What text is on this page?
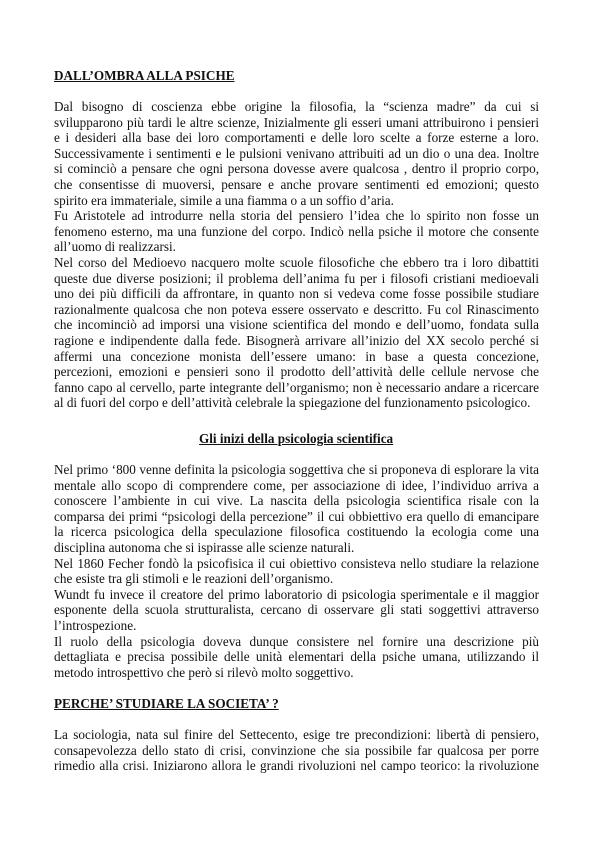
DALL’OMBRA ALLA PSICHE
Dal bisogno di coscienza ebbe origine la filosofia, la “scienza madre” da cui si
svilupparono più tardi le altre scienze, Inizialmente gli esseri umani attribuirono i pensieri
e i desideri alla base dei loro comportamenti e delle loro scelte a forze esterne a loro.
Successivamente i sentimenti e le pulsioni venivano attribuiti ad un dio o una dea. Inoltre
si cominciò a pensare che ogni persona dovesse avere qualcosa , dentro il proprio corpo,
che consentisse di muoversi, pensare e anche provare sentimenti ed emozioni; questo
spirito era immateriale, simile a una fiamma o a un soffio d’aria.
Fu Aristotele ad introdurre nella storia del pensiero l’idea che lo spirito non fosse un
fenomeno esterno, ma una funzione del corpo. Indicò nella psiche il motore che consente
all’uomo di realizzarsi.
Nel corso del Medioevo nacquero molte scuole filosofiche che ebbero tra i loro dibattiti
queste due diverse posizioni; il problema dell’anima fu per i filosofi cristiani medioevali
uno dei più difficili da affrontare, in quanto non si vedeva come fosse possibile studiare
razionalmente qualcosa che non poteva essere osservato e descritto. Fu col Rinascimento
che incominciò ad imporsi una visione scientifica del mondo e dell’uomo, fondata sulla
ragione e indipendente dalla fede. Bisognerà arrivare all’inizio del XX secolo perché si
affermi una concezione monista dell’essere umano: in base a questa concezione,
percezioni, emozioni e pensieri sono il prodotto dell’attività delle cellule nervose che
fanno capo al cervello, parte integrante dell’organismo; non è necessario andare a ricercare
al di fuori del corpo e dell’attività celebrale la spiegazione del funzionamento psicologico.
Gli inizi della psicologia scientifica
Nel primo ‘800 venne definita la psicologia soggettiva che si proponeva di esplorare la vita
mentale allo scopo di comprendere come, per associazione di idee, l’individuo arriva a
conoscere l’ambiente in cui vive. La nascita della psicologia scientifica risale con la
comparsa dei primi “psicologi della percezione” il cui obbiettivo era quello di emancipare
la ricerca psicologica della speculazione filosofica costituendo la ecologia come una
disciplina autonoma che si ispirasse alle scienze naturali.
Nel 1860 Fecher fondò la psicofisica il cui obiettivo consisteva nello studiare la relazione
che esiste tra gli stimoli e le reazioni dell’organismo.
Wundt fu invece il creatore del primo laboratorio di psicologia sperimentale e il maggior
esponente della scuola strutturalista, cercano di osservare gli stati soggettivi attraverso
l’introspezione.
Il ruolo della psicologia doveva dunque consistere nel fornire una descrizione più
dettagliata e precisa possibile delle unità elementari della psiche umana, utilizzando il
metodo introspettivo che però si rilevò molto soggettivo.
PERCHE’ STUDIARE LA SOCIETA’ ?
La sociologia, nata sul finire del Settecento, esige tre precondizioni: libertà di pensiero,
consapevolezza dello stato di crisi, convinzione che sia possibile far qualcosa per porre
rimedio alla crisi. Iniziarono allora le grandi rivoluzioni nel campo teorico: la rivoluzione
